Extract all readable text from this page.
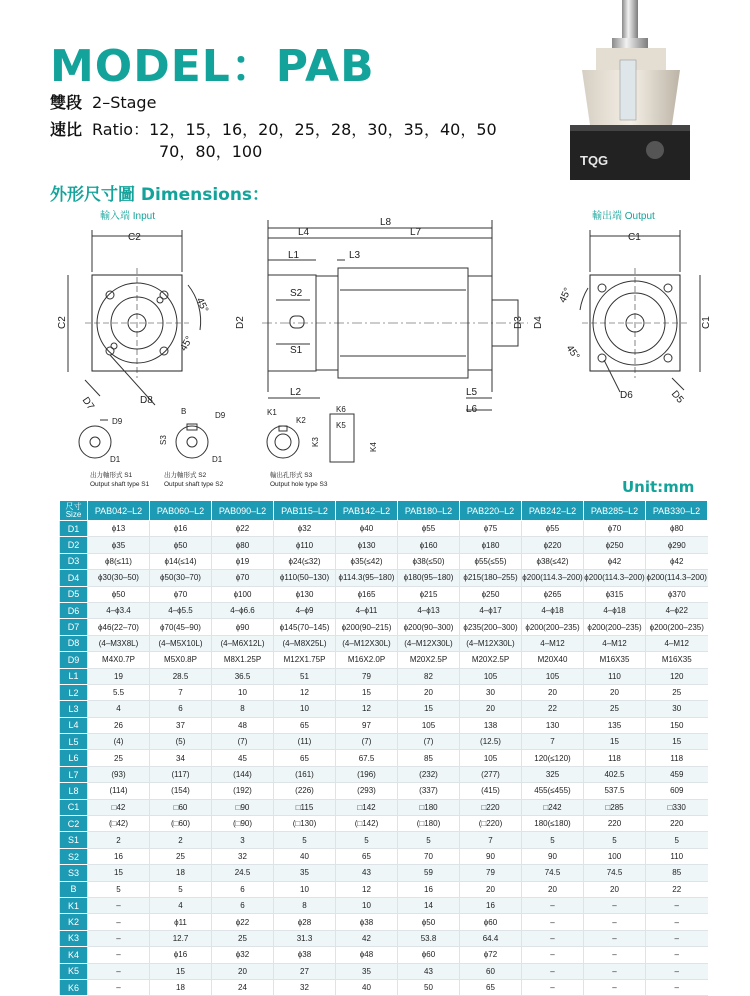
MODEL：PAB
雙段 2–Stage
速比 Ratio：12，15，16，20，25，28，30，35，40，50
70，80，100	TQG
外形尺寸圖 Dimensions：
輸入端 Input	輸出端 Output
C2
C2
45°
45°
D7	D8
L8
L4	L7
L1	L3
S2
S1
D2	D3 D4
L2	L5
L6
C1
C1
45°
45°
D6	D5
D9
D1
出力軸形式 S1
Output shaft type S1
B	D9
S3
D1
出力軸形式 S2
Output shaft type S2
K1
K2
K3
K6
K5
K4
輸出孔形式 S3
Output hole type S3	Unit:mm
尺寸
Size	PAB042–L2	PAB060–L2	PAB090–L2	PAB115–L2	PAB142–L2	PAB180–L2	PAB220–L2	PAB242–L2	PAB285–L2	PAB330–L2
D1	ϕ13	ϕ16	ϕ22	ϕ32	ϕ40	ϕ55	ϕ75	ϕ55	ϕ70	ϕ80
D2	ϕ35	ϕ50	ϕ80	ϕ110	ϕ130	ϕ160	ϕ180	ϕ220	ϕ250	ϕ290
D3	ϕ8(≤11)	ϕ14(≤14)	ϕ19	ϕ24(≤32)	ϕ35(≤42)	ϕ38(≤50)	ϕ55(≤55)	ϕ38(≤42)	ϕ42	ϕ42
D4	ϕ30(30–50)	ϕ50(30–70)	ϕ70	ϕ110(50–130)	ϕ114.3(95–180)	ϕ180(95–180)	ϕ215(180–255)	ϕ200(114.3–200)	ϕ200(114.3–200)	ϕ200(114.3–200)
D5	ϕ50	ϕ70	ϕ100	ϕ130	ϕ165	ϕ215	ϕ250	ϕ265	ϕ315	ϕ370
D6	4–ϕ3.4	4–ϕ5.5	4–ϕ6.6	4–ϕ9	4–ϕ11	4–ϕ13	4–ϕ17	4–ϕ18	4–ϕ18	4–ϕ22
D7	ϕ46(22–70)	ϕ70(45–90)	ϕ90	ϕ145(70–145)	ϕ200(90–215)	ϕ200(90–300)	ϕ235(200–300)	ϕ200(200–235)	ϕ200(200–235)	ϕ200(200–235)
D8	(4–M3X8L)	(4–M5X10L)	(4–M6X12L)	(4–M8X25L)	(4–M12X30L)	(4–M12X30L)	(4–M12X30L)	4–M12	4–M12	4–M12
D9	M4X0.7P	M5X0.8P	M8X1.25P	M12X1.75P	M16X2.0P	M20X2.5P	M20X2.5P	M20X40	M16X35	M16X35
L1	19	28.5	36.5	51	79	82	105	105	110	120
L2	5.5	7	10	12	15	20	30	20	20	25
L3	4	6	8	10	12	15	20	22	25	30
L4	26	37	48	65	97	105	138	130	135	150
L5	(4)	(5)	(7)	(11)	(7)	(7)	(12.5)	7	15	15
L6	25	34	45	65	67.5	85	105	120(≤120)	118	118
L7	(93)	(117)	(144)	(161)	(196)	(232)	(277)	325	402.5	459
L8	(114)	(154)	(192)	(226)	(293)	(337)	(415)	455(≤455)	537.5	609
C1	□42	□60	□90	□115	□142	□180	□220	□242	□285	□330
C2	(□42)	(□60)	(□90)	(□130)	(□142)	(□180)	(□220)	180(≤180)	220	220
S1	2	2	3	5	5	5	7	5	5	5
S2	16	25	32	40	65	70	90	90	100	110
S3	15	18	24.5	35	43	59	79	74.5	74.5	85
B	5	5	6	10	12	16	20	20	20	22
K1	–	4	6	8	10	14	16	–	–	–
K2	–	ϕ11	ϕ22	ϕ28	ϕ38	ϕ50	ϕ60	–	–	–
K3	–	12.7	25	31.3	42	53.8	64.4	–	–	–
K4	–	ϕ16	ϕ32	ϕ38	ϕ48	ϕ60	ϕ72	–	–	–
K5	–	15	20	27	35	43	60	–	–	–
K6	–	18	24	32	40	50	65	–	–	–
